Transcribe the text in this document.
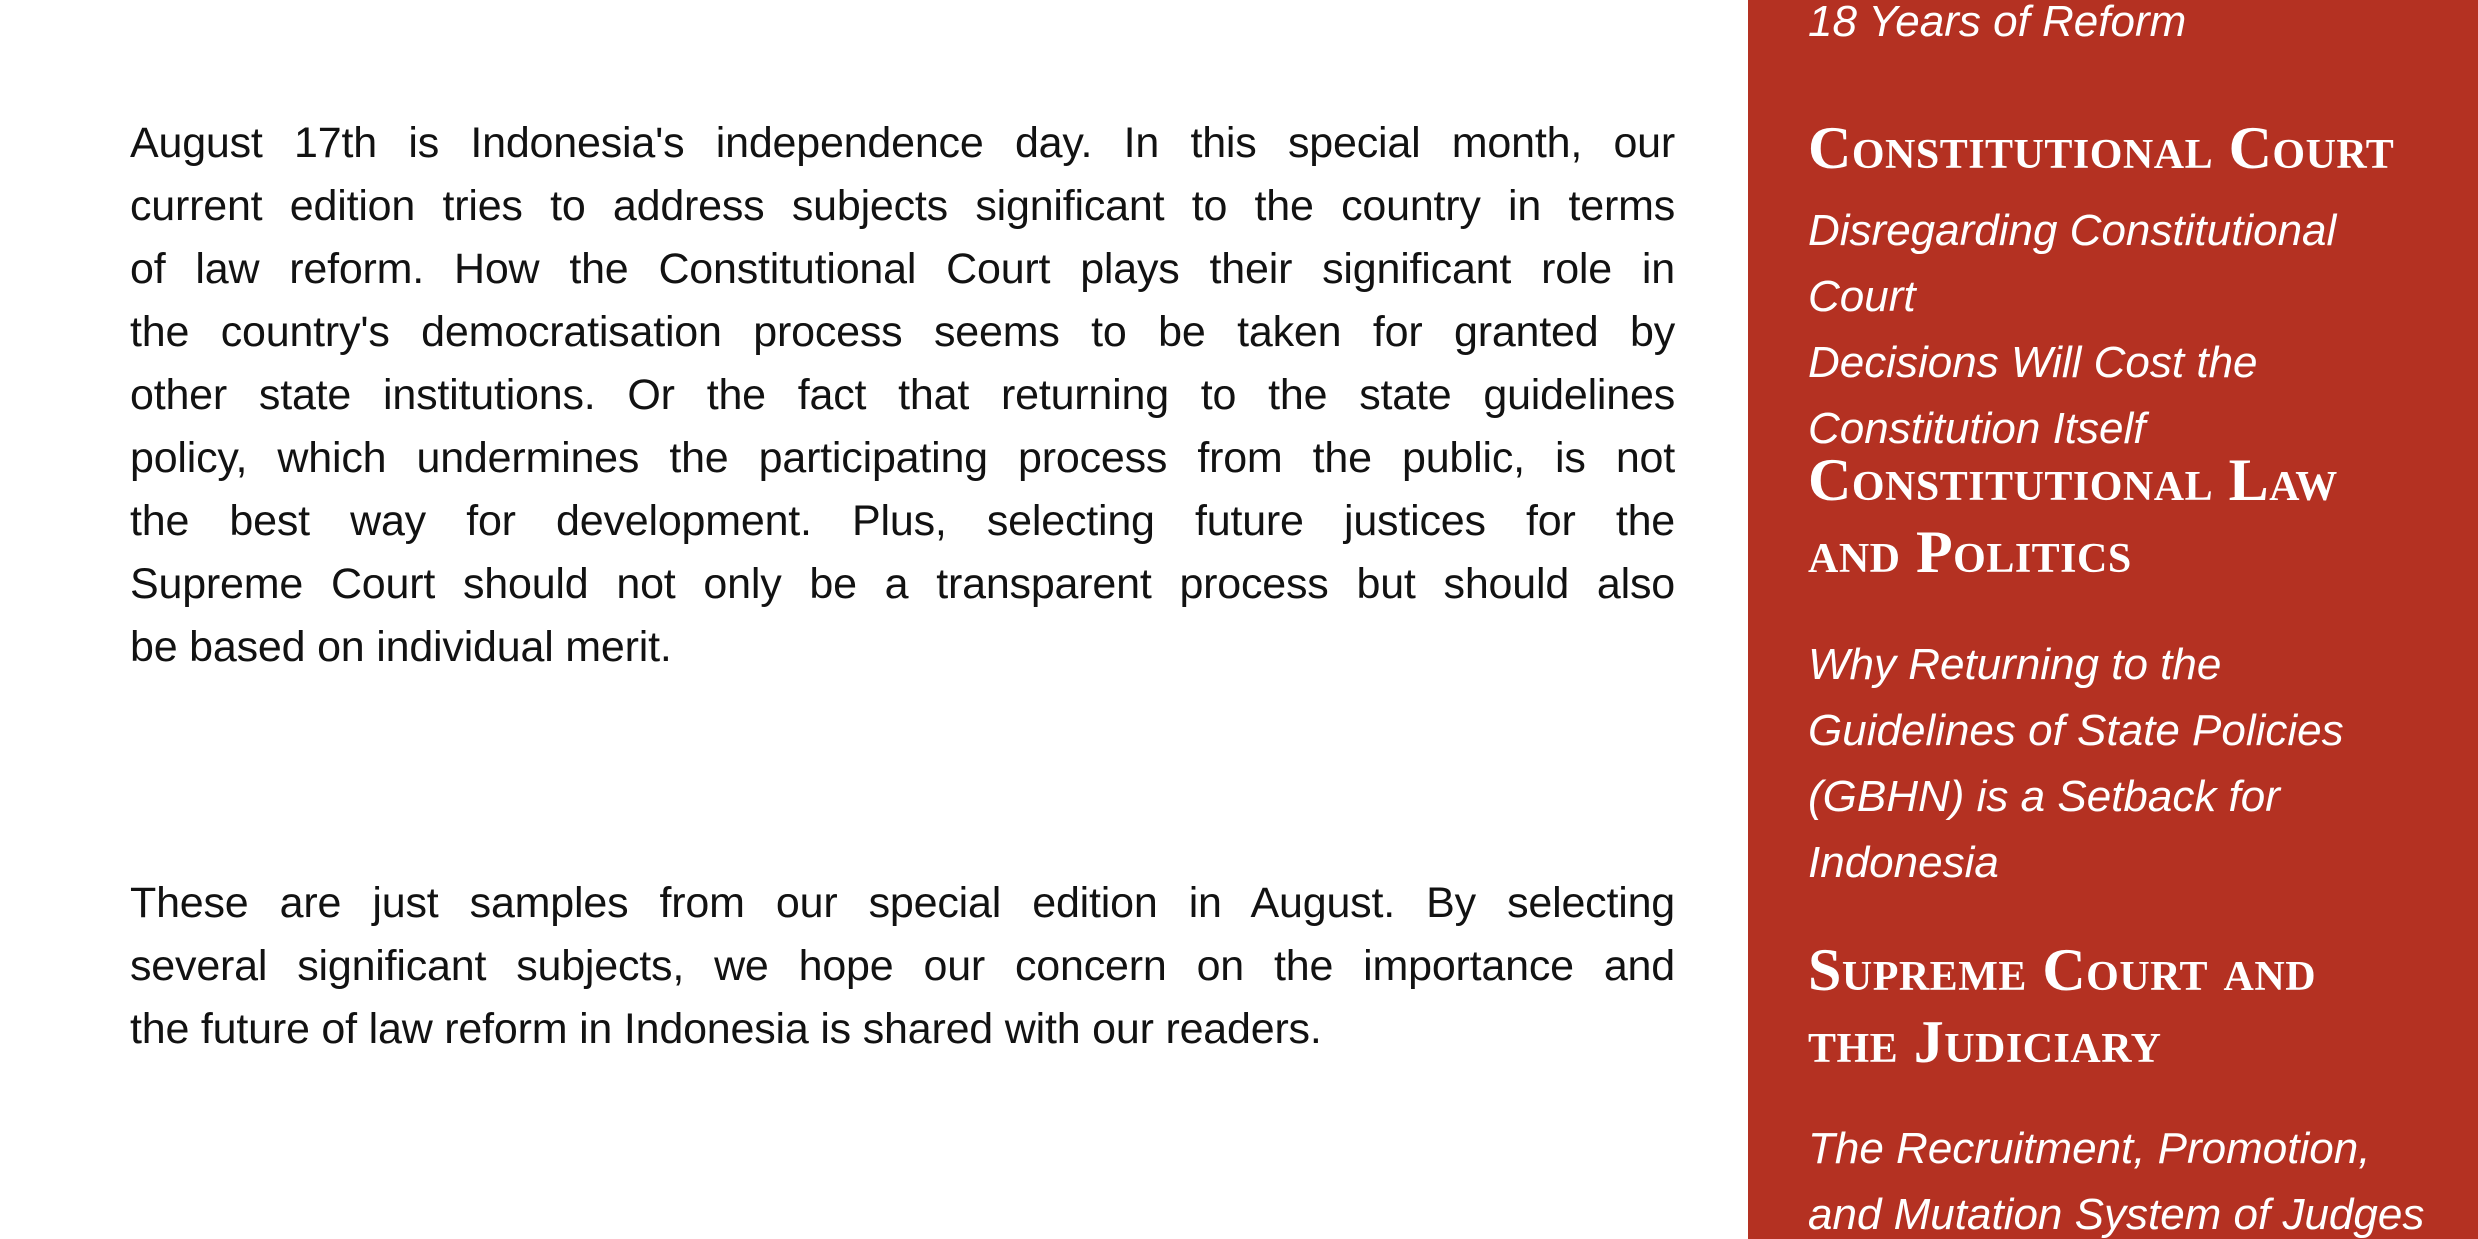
August 17th is Indonesia's independence day. In this special month, our
current edition tries to address subjects significant to the country in terms
of law reform. How the Constitutional Court plays their significant role in
the country's democratisation process seems to be taken for granted by
other state institutions. Or the fact that returning to the state guidelines
policy, which undermines the participating process from the public, is not
the best way for development. Plus, selecting future justices for the
Supreme Court should not only be a transparent process but should also
be based on individual merit.
These are just samples from our special edition in August. By selecting
several significant subjects, we hope our concern on the importance and
the future of law reform in Indonesia is shared with our readers.
18 Years of Reform
Constitutional Court
Disregarding Constitutional Court
Decisions Will Cost the
Constitution Itself
Constitutional Law
and Politics
Why Returning to the
Guidelines of State Policies
(GBHN) is a Setback for
Indonesia
Supreme Court and
the Judiciary
The Recruitment, Promotion,
and Mutation System of Judges
